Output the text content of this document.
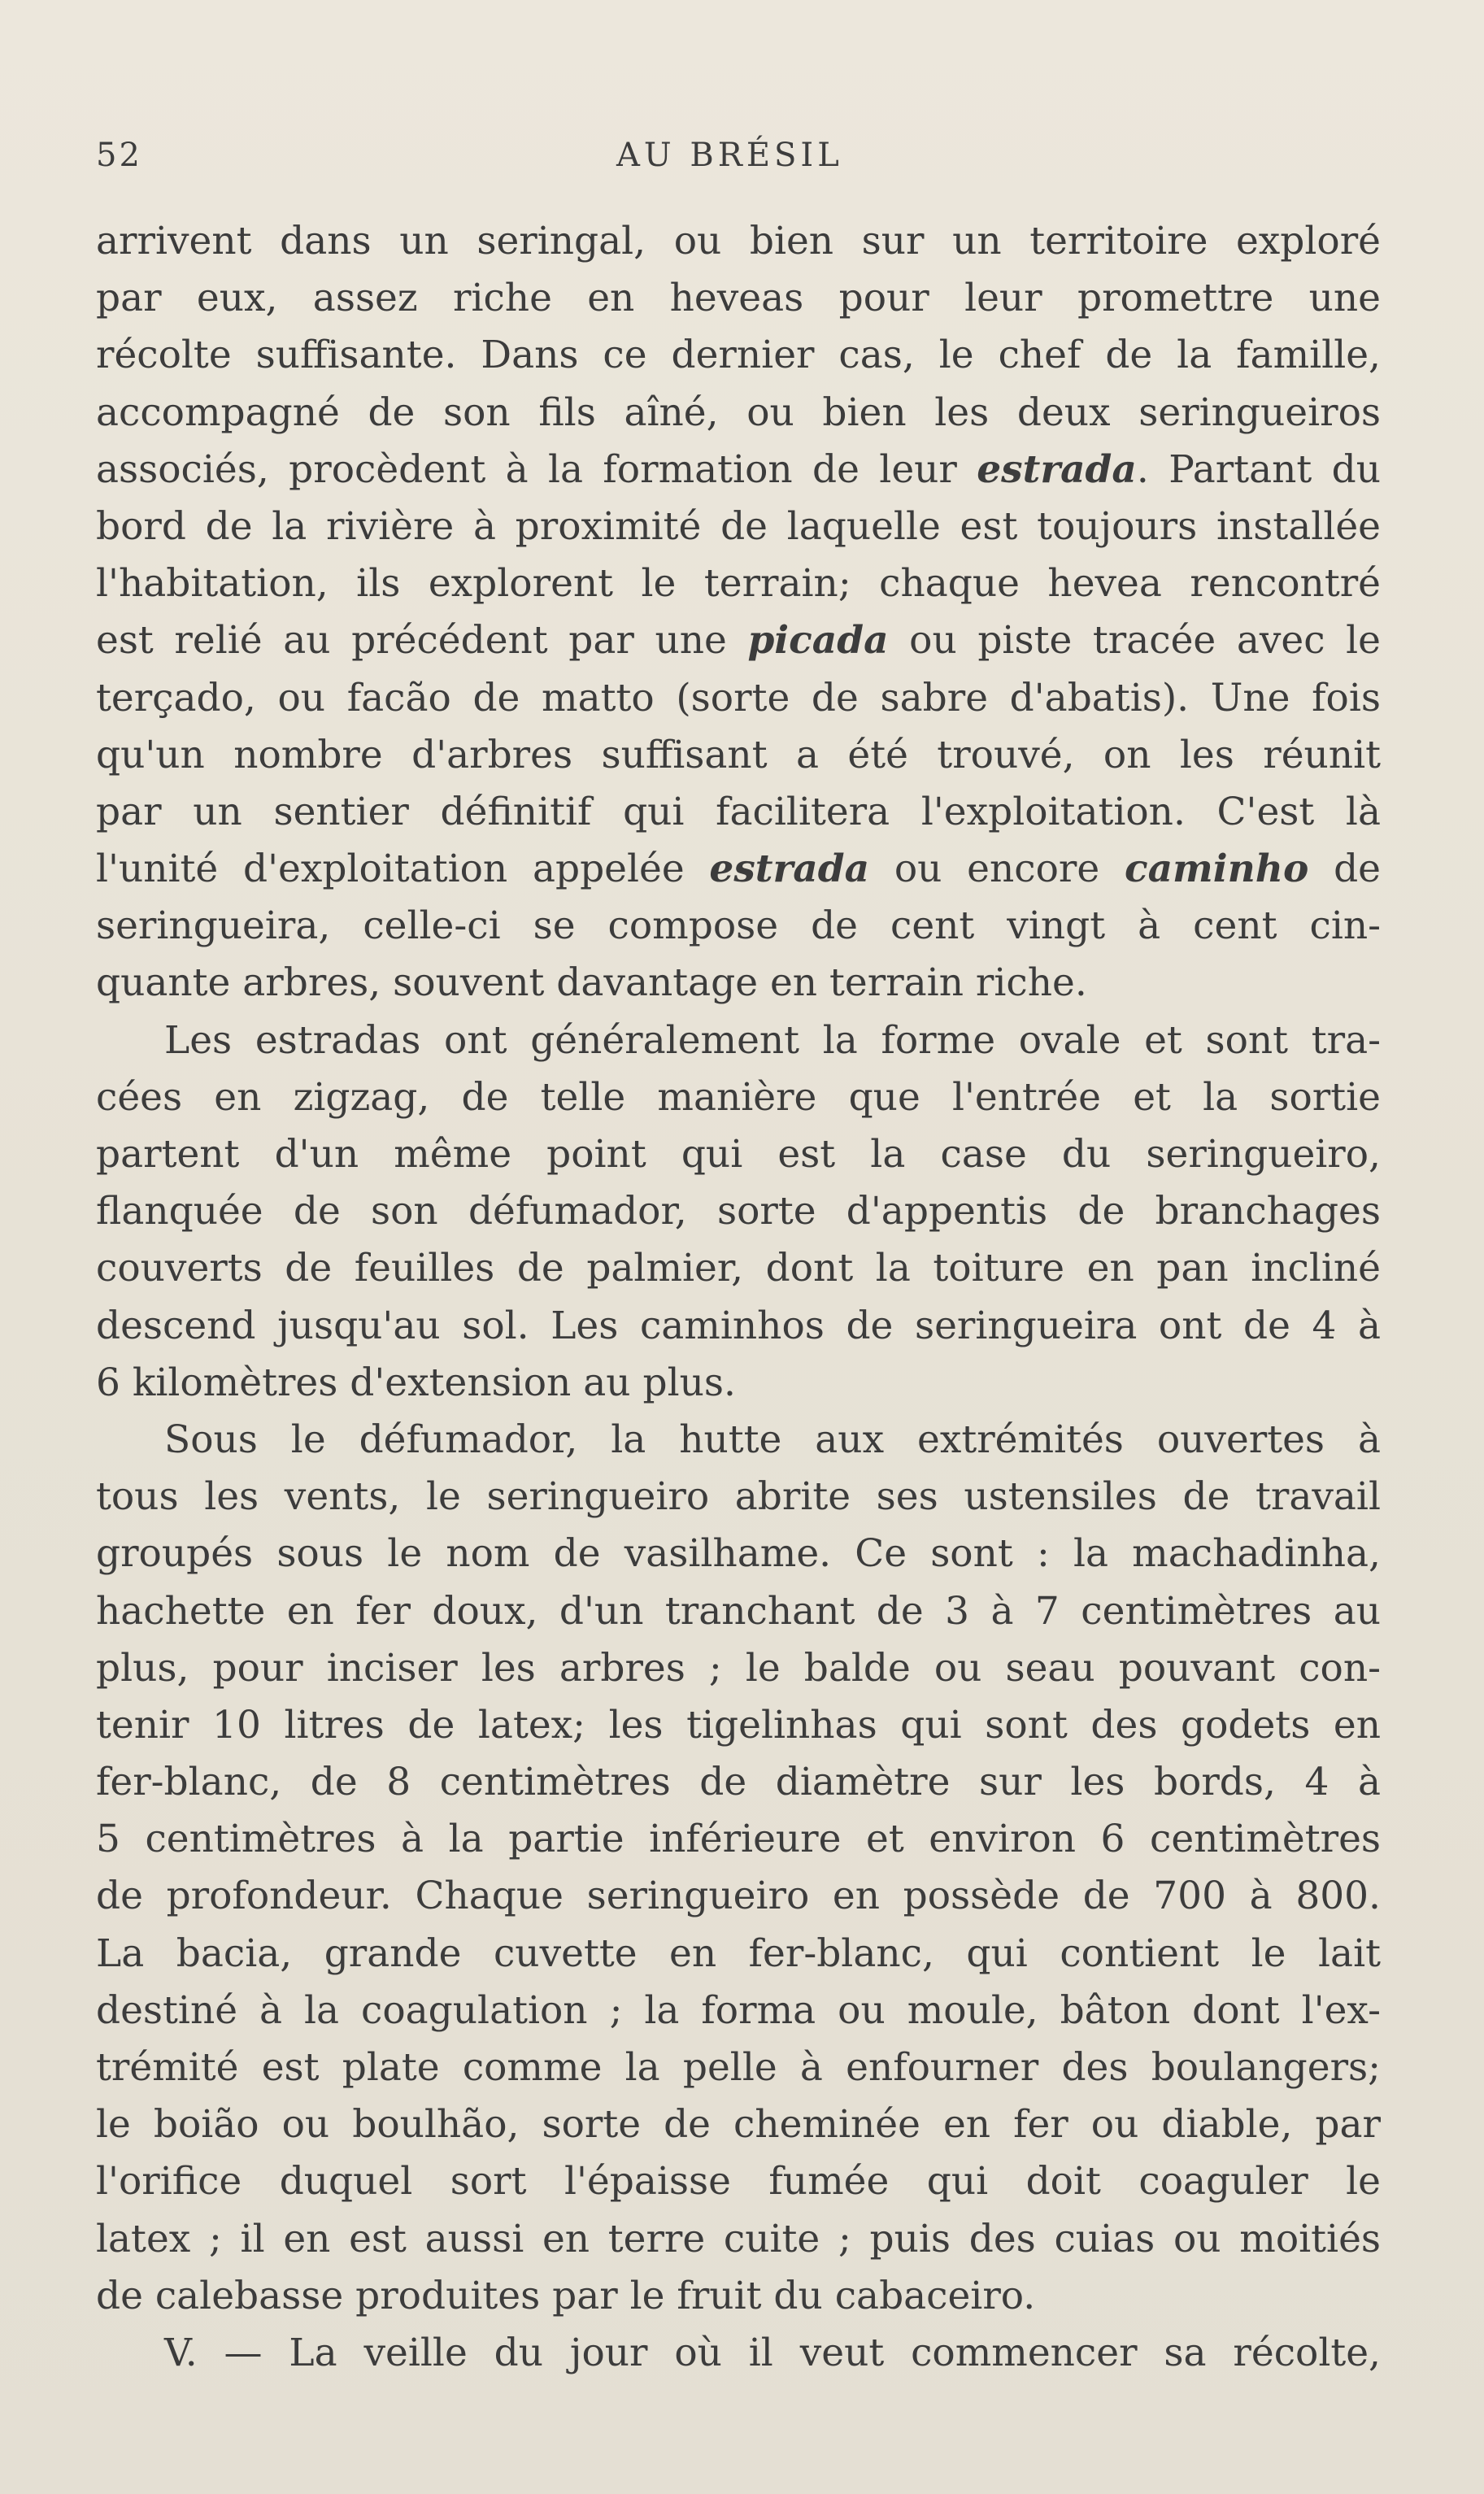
52	AU BRÉSIL
arrivent dans un seringal, ou bien sur un territoire exploré
par eux, assez riche en heveas pour leur promettre une
récolte suffisante. Dans ce dernier cas, le chef de la famille,
accompagné de son fils aîné, ou bien les deux seringueiros
associés, procèdent à la formation de leur estrada. Partant du
bord de la rivière à proximité de laquelle est toujours installée
l'habitation, ils explorent le terrain; chaque hevea rencontré
est relié au précédent par une picada ou piste tracée avec le
terçado, ou facão de matto (sorte de sabre d'abatis). Une fois
qu'un nombre d'arbres suffisant a été trouvé, on les réunit
par un sentier définitif qui facilitera l'exploitation. C'est là
l'unité d'exploitation appelée estrada ou encore caminho de
seringueira, celle-ci se compose de cent vingt à cent cin-
quante arbres, souvent davantage en terrain riche.
Les estradas ont généralement la forme ovale et sont tra-
cées en zigzag, de telle manière que l'entrée et la sortie
partent d'un même point qui est la case du seringueiro,
flanquée de son défumador, sorte d'appentis de branchages
couverts de feuilles de palmier, dont la toiture en pan incliné
descend jusqu'au sol. Les caminhos de seringueira ont de 4 à
6 kilomètres d'extension au plus.
Sous le défumador, la hutte aux extrémités ouvertes à
tous les vents, le seringueiro abrite ses ustensiles de travail
groupés sous le nom de vasilhame. Ce sont : la machadinha,
hachette en fer doux, d'un tranchant de 3 à 7 centimètres au
plus, pour inciser les arbres ; le balde ou seau pouvant con-
tenir 10 litres de latex; les tigelinhas qui sont des godets en
fer-blanc, de 8 centimètres de diamètre sur les bords, 4 à
5 centimètres à la partie inférieure et environ 6 centimètres
de profondeur. Chaque seringueiro en possède de 700 à 800.
La bacia, grande cuvette en fer-blanc, qui contient le lait
destiné à la coagulation ; la forma ou moule, bâton dont l'ex-
trémité est plate comme la pelle à enfourner des boulangers;
le boião ou boulhão, sorte de cheminée en fer ou diable, par
l'orifice duquel sort l'épaisse fumée qui doit coaguler le
latex ; il en est aussi en terre cuite ; puis des cuias ou moitiés
de calebasse produites par le fruit du cabaceiro.
V. — La veille du jour où il veut commencer sa récolte,
